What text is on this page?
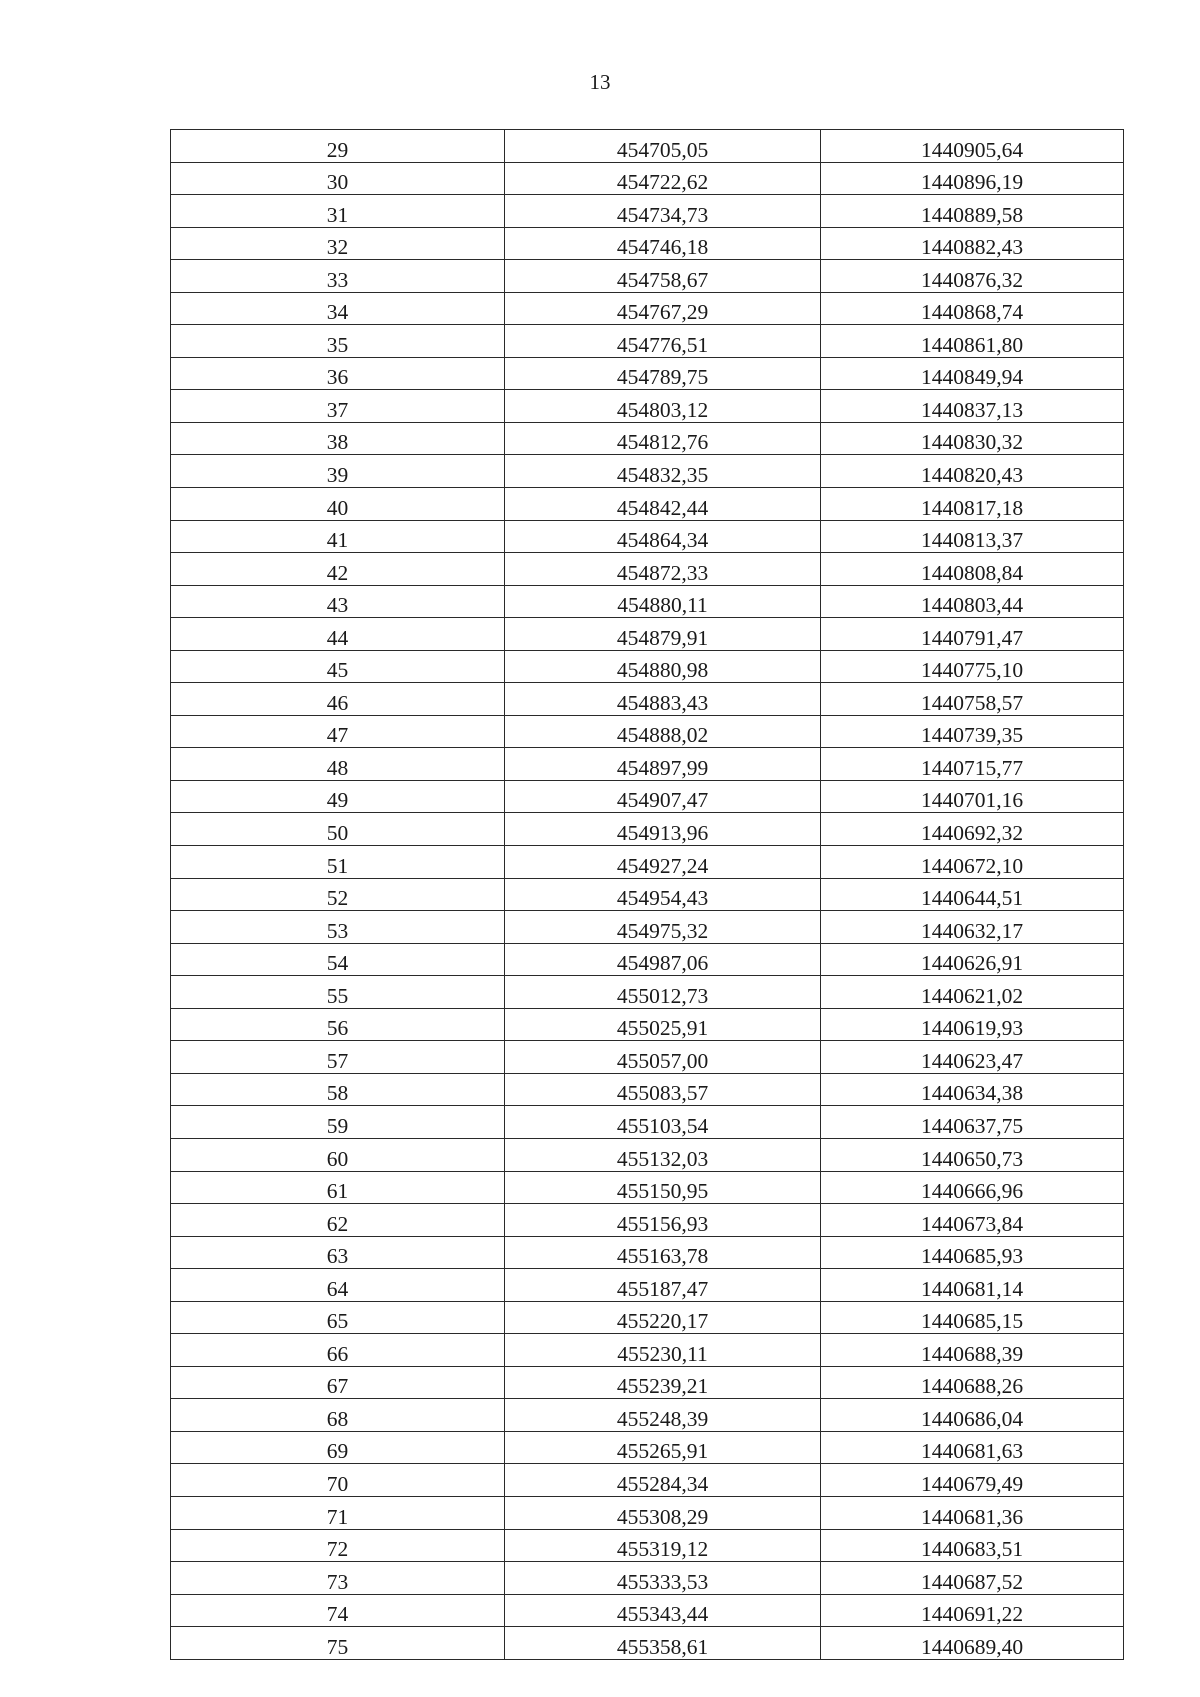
13
29	454705,05	1440905,64
30	454722,62	1440896,19
31	454734,73	1440889,58
32	454746,18	1440882,43
33	454758,67	1440876,32
34	454767,29	1440868,74
35	454776,51	1440861,80
36	454789,75	1440849,94
37	454803,12	1440837,13
38	454812,76	1440830,32
39	454832,35	1440820,43
40	454842,44	1440817,18
41	454864,34	1440813,37
42	454872,33	1440808,84
43	454880,11	1440803,44
44	454879,91	1440791,47
45	454880,98	1440775,10
46	454883,43	1440758,57
47	454888,02	1440739,35
48	454897,99	1440715,77
49	454907,47	1440701,16
50	454913,96	1440692,32
51	454927,24	1440672,10
52	454954,43	1440644,51
53	454975,32	1440632,17
54	454987,06	1440626,91
55	455012,73	1440621,02
56	455025,91	1440619,93
57	455057,00	1440623,47
58	455083,57	1440634,38
59	455103,54	1440637,75
60	455132,03	1440650,73
61	455150,95	1440666,96
62	455156,93	1440673,84
63	455163,78	1440685,93
64	455187,47	1440681,14
65	455220,17	1440685,15
66	455230,11	1440688,39
67	455239,21	1440688,26
68	455248,39	1440686,04
69	455265,91	1440681,63
70	455284,34	1440679,49
71	455308,29	1440681,36
72	455319,12	1440683,51
73	455333,53	1440687,52
74	455343,44	1440691,22
75	455358,61	1440689,40
